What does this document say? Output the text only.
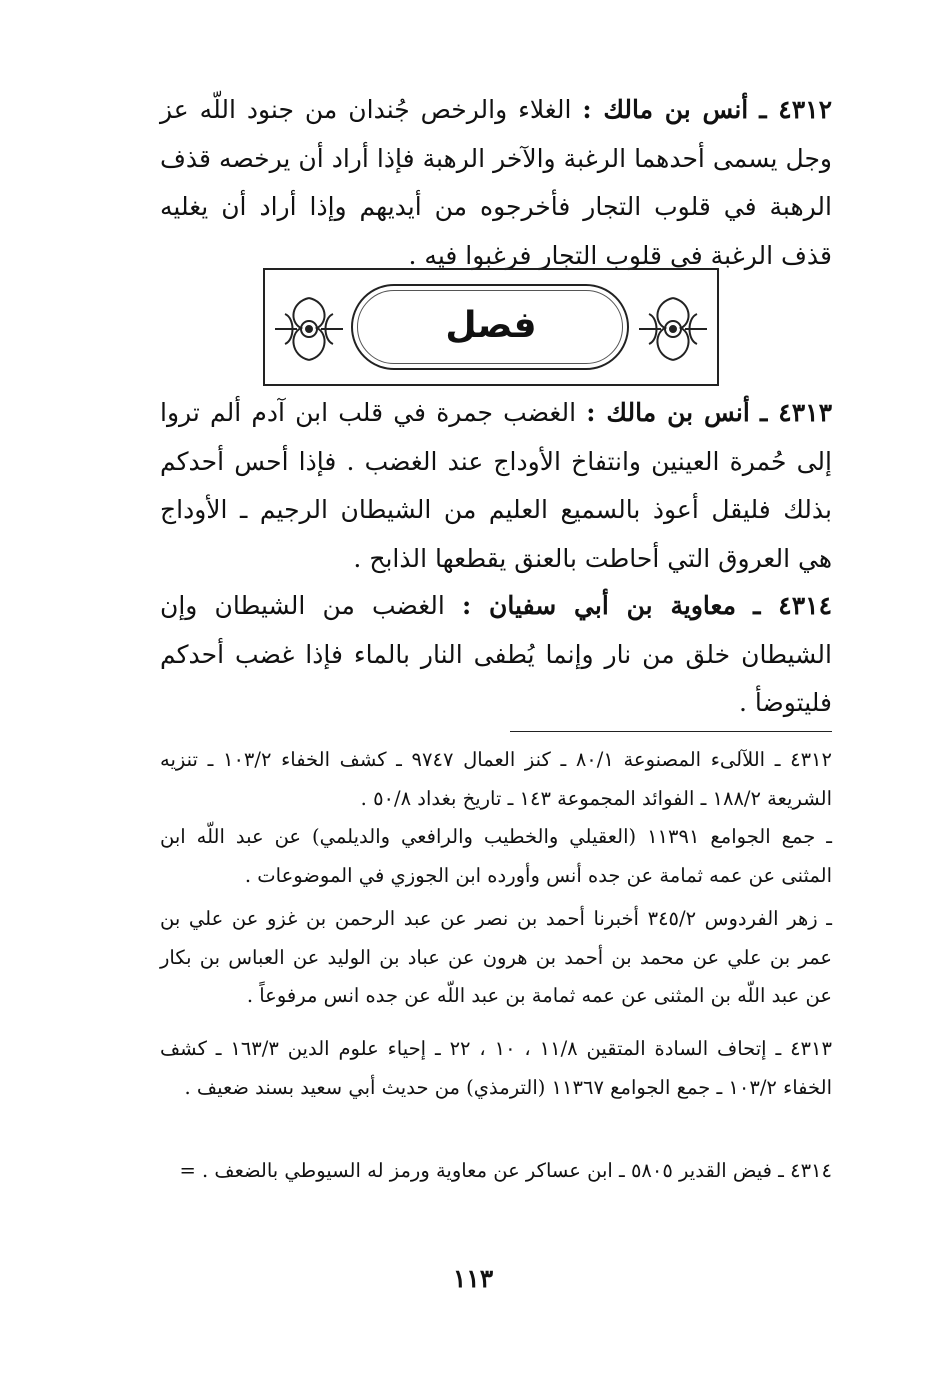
٤٣١٢ ـ أنس بن مالك : الغلاء والرخص جُندان من جنود اللّه عز وجل يسمى أحدهما الرغبة والآخر الرهبة فإذا أراد أن يرخصه قذف الرهبة في قلوب التجار فأخرجوه من أيديهم وإذا أراد أن يغليه قذف الرغبة في قلوب التجار فرغبوا فيه .

فصل

٤٣١٣ ـ أنس بن مالك : الغضب جمرة في قلب ابن آدم ألم تروا إلى حُمرة العينين وانتفاخ الأوداج عند الغضب . فإذا أحس أحدكم بذلك فليقل أعوذ بالسميع العليم من الشيطان الرجيم ـ الأوداج هي العروق التي أحاطت بالعنق يقطعها الذابح .

٤٣١٤ ـ معاوية بن أبي سفيان : الغضب من الشيطان وإن الشيطان خلق من نار وإنما يُطفى النار بالماء فإذا غضب أحدكم فليتوضأ .

٤٣١٢ ـ اللآلىء المصنوعة ٨٠/١ ـ كنز العمال ٩٧٤٧ ـ كشف الخفاء ١٠٣/٢ ـ تنزيه الشريعة ١٨٨/٢ ـ الفوائد المجموعة ١٤٣ ـ تاريخ بغداد ٥٠/٨ .

ـ جمع الجوامع ١١٣٩١ (العقيلي والخطيب والرافعي والديلمي) عن عبد اللّه ابن المثنى عن عمه ثمامة عن جده أنس وأورده ابن الجوزي في الموضوعات .

ـ زهر الفردوس ٣٤٥/٢ أخبرنا أحمد بن نصر عن عبد الرحمن بن غزو عن علي بن عمر بن علي عن محمد بن أحمد بن هرون عن عباد بن الوليد عن العباس بن بكار عن عبد اللّه بن المثنى عن عمه ثمامة بن عبد اللّه عن جده انس مرفوعاً .

٤٣١٣ ـ إتحاف السادة المتقين ١١/٨ ، ١٠ ، ٢٢ ـ إحياء علوم الدين ١٦٣/٣ ـ كشف الخفاء ١٠٣/٢ ـ جمع الجوامع ١١٣٦٧ (الترمذي) من حديث أبي سعيد بسند ضعيف .

٤٣١٤ ـ فيض القدير ٥٨٠٥ ـ ابن عساكر عن معاوية ورمز له السيوطي بالضعف . =

١١٣
